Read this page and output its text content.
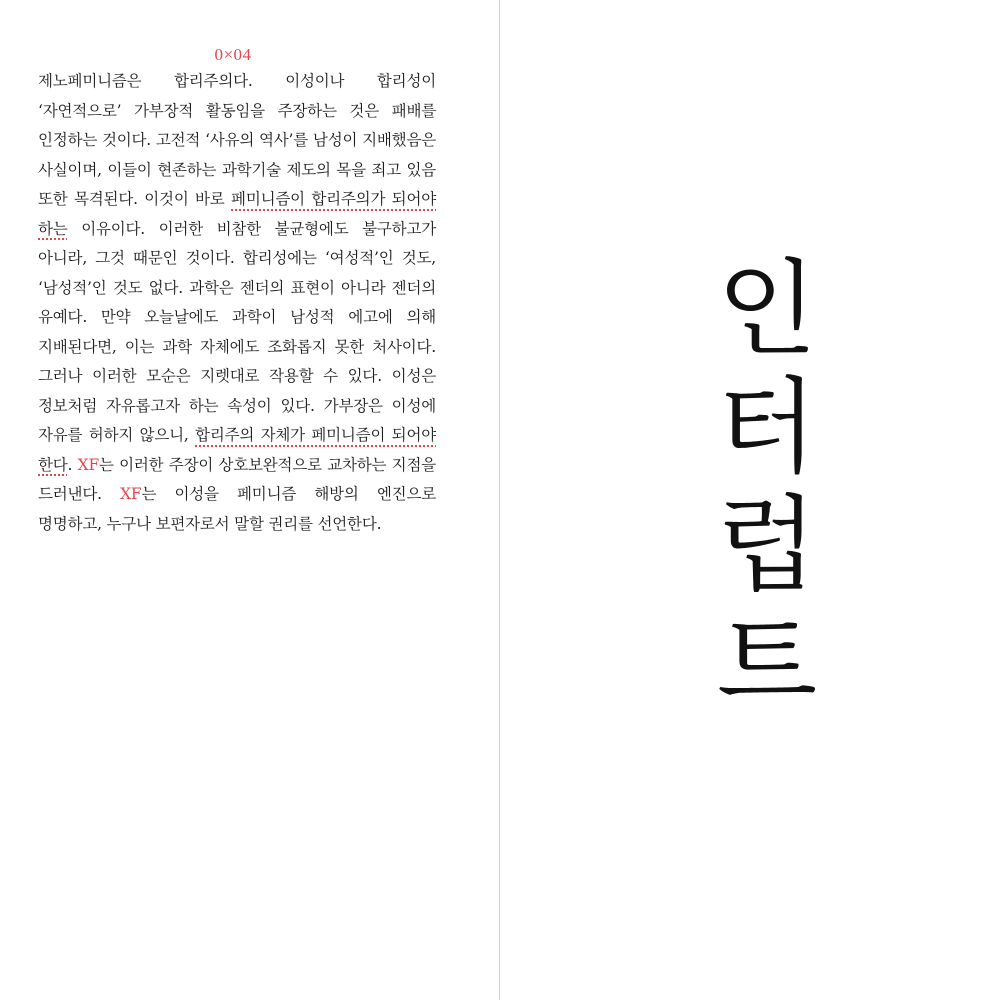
0×04

제노페미니즘은 합리주의다. 이성이나 합리성이 ‘자연적으로’ 가부장적 활동임을 주장하는 것은 패배를 인정하는 것이다. 고전적 ‘사유의 역사’를 남성이 지배했음은 사실이며, 이들이 현존하는 과학기술 제도의 목을 죄고 있음 또한 목격된다. 이것이 바로 페미니즘이 합리주의가 되어야 하는 이유이다. 이러한 비참한 불균형에도 불구하고가 아니라, 그것 때문인 것이다. 합리성에는 ‘여성적’인 것도, ‘남성적’인 것도 없다. 과학은 젠더의 표현이 아니라 젠더의 유예다. 만약 오늘날에도 과학이 남성적 에고에 의해 지배된다면, 이는 과학 자체에도 조화롭지 못한 처사이다. 그러나 이러한 모순은 지렛대로 작용할 수 있다. 이성은 정보처럼 자유롭고자 하는 속성이 있다. 가부장은 이성에 자유를 허하지 않으니, 합리주의 자체가 페미니즘이 되어야 한다. XF는 이러한 주장이 상호보완적으로 교차하는 지점을 드러낸다. XF는 이성을 페미니즘 해방의 엔진으로 명명하고, 누구나 보편자로서 말할 권리를 선언한다.

인
터
럽
트
